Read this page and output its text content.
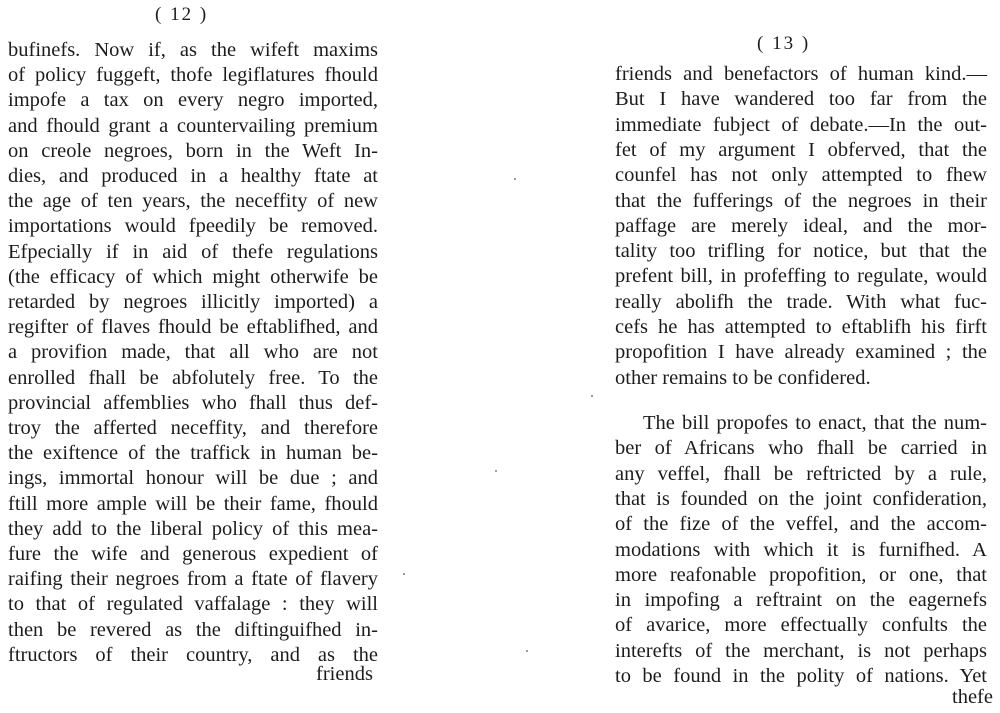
( 12 )
( 13 )
bufinefs. Now if, as the wifeft maxims
of policy fuggeft, thofe legiflatures fhould
impofe a tax on every negro imported,
and fhould grant a countervailing premium
on creole negroes, born in the Weft In-
dies, and produced in a healthy ftate at
the age of ten years, the neceffity of new
importations would fpeedily be removed.
Efpecially if in aid of thefe regulations
(the efficacy of which might otherwife be
retarded by negroes illicitly imported) a
regifter of flaves fhould be eftablifhed, and
a provifion made, that all who are not
enrolled fhall be abfolutely free. To the
provincial affemblies who fhall thus def-
troy the afferted neceffity, and therefore
the exiftence of the traffick in human be-
ings, immortal honour will be due ; and
ftill more ample will be their fame, fhould
they add to the liberal policy of this mea-
fure the wife and generous expedient of
raifing their negroes from a ftate of flavery
to that of regulated vaffalage : they will
then be revered as the diftinguifhed in-
ftructors of their country, and as the
friends
friends and benefactors of human kind.—
But I have wandered too far from the
immediate fubject of debate.—In the out-
fet of my argument I obferved, that the
counfel has not only attempted to fhew
that the fufferings of the negroes in their
paffage are merely ideal, and the mor-
tality too trifling for notice, but that the
prefent bill, in profeffing to regulate, would
really abolifh the trade. With what fuc-
cefs he has attempted to eftablifh his firft
propofition I have already examined ; the
other remains to be confidered.
The bill propofes to enact, that the num-
ber of Africans who fhall be carried in
any veffel, fhall be reftricted by a rule,
that is founded on the joint confideration,
of the fize of the veffel, and the accom-
modations with which it is furnifhed. A
more reafonable propofition, or one, that
in impofing a reftraint on the eagernefs
of avarice, more effectually confults the
interefts of the merchant, is not perhaps
to be found in the polity of nations. Yet
thefe
